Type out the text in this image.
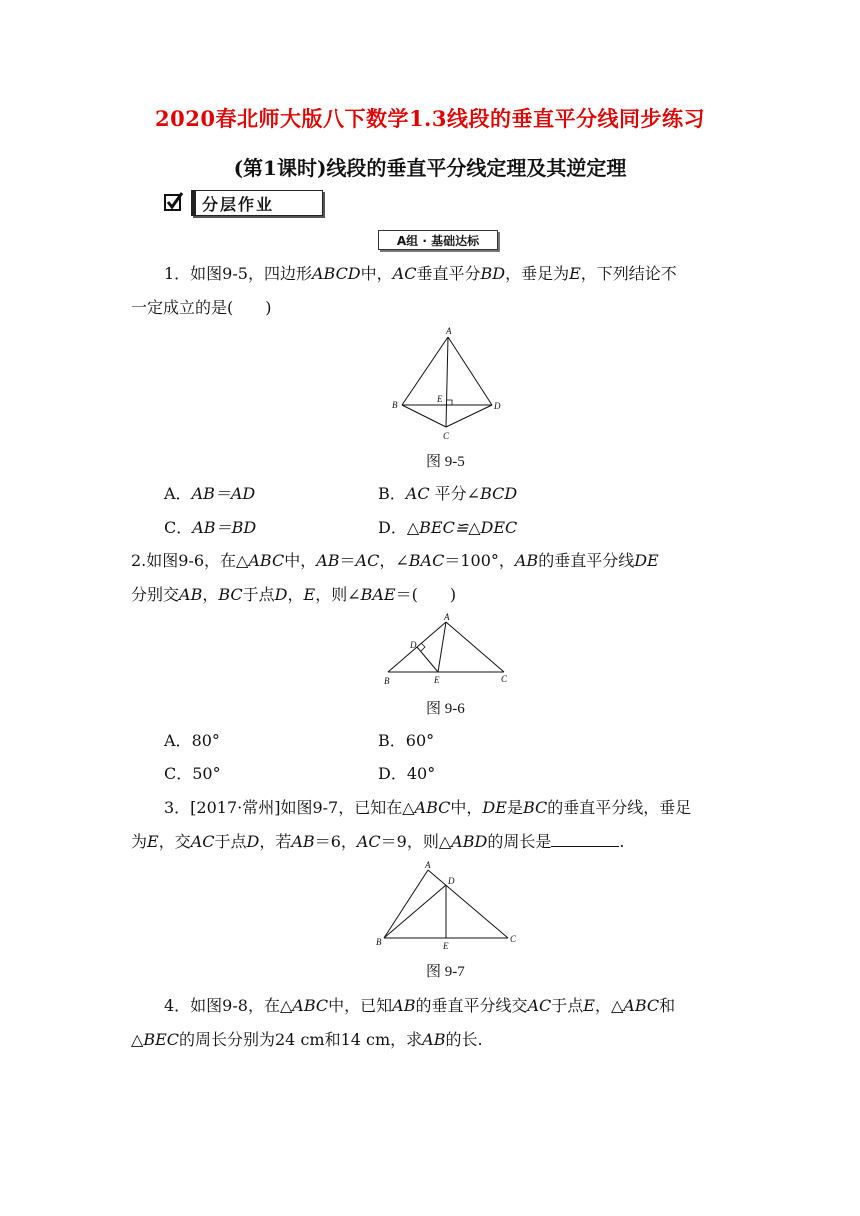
2020春北师大版八下数学1.3线段的垂直平分线同步练习
(第1课时)线段的垂直平分线定理及其逆定理
分层作业
A组 · 基础达标
1．如图9-5，四边形ABCD中，AC垂直平分BD，垂足为E，下列结论不
一定成立的是(　　)
A
B
C
D
E
图 9-5
A．AB＝AD	B．AC 平分∠BCD
C．AB＝BD	D．△BEC≌△DEC
2.如图9-6，在△ABC中，AB＝AC，∠BAC＝100°，AB的垂直平分线DE
分别交AB，BC于点D，E，则∠BAE＝(　　)
A
B	C
D
E
图 9-6
A．80°	B．60°
C．50°	D．40°
3．[2017·常州]如图9-7，已知在△ABC中，DE是BC的垂直平分线，垂足
为E，交AC于点D，若AB＝6，AC＝9，则△ABD的周长是	.
A
B	C
D
E
图 9-7
4．如图9-8，在△ABC中，已知AB的垂直平分线交AC于点E，△ABC和
△BEC的周长分别为24 cm和14 cm，求AB的长.
